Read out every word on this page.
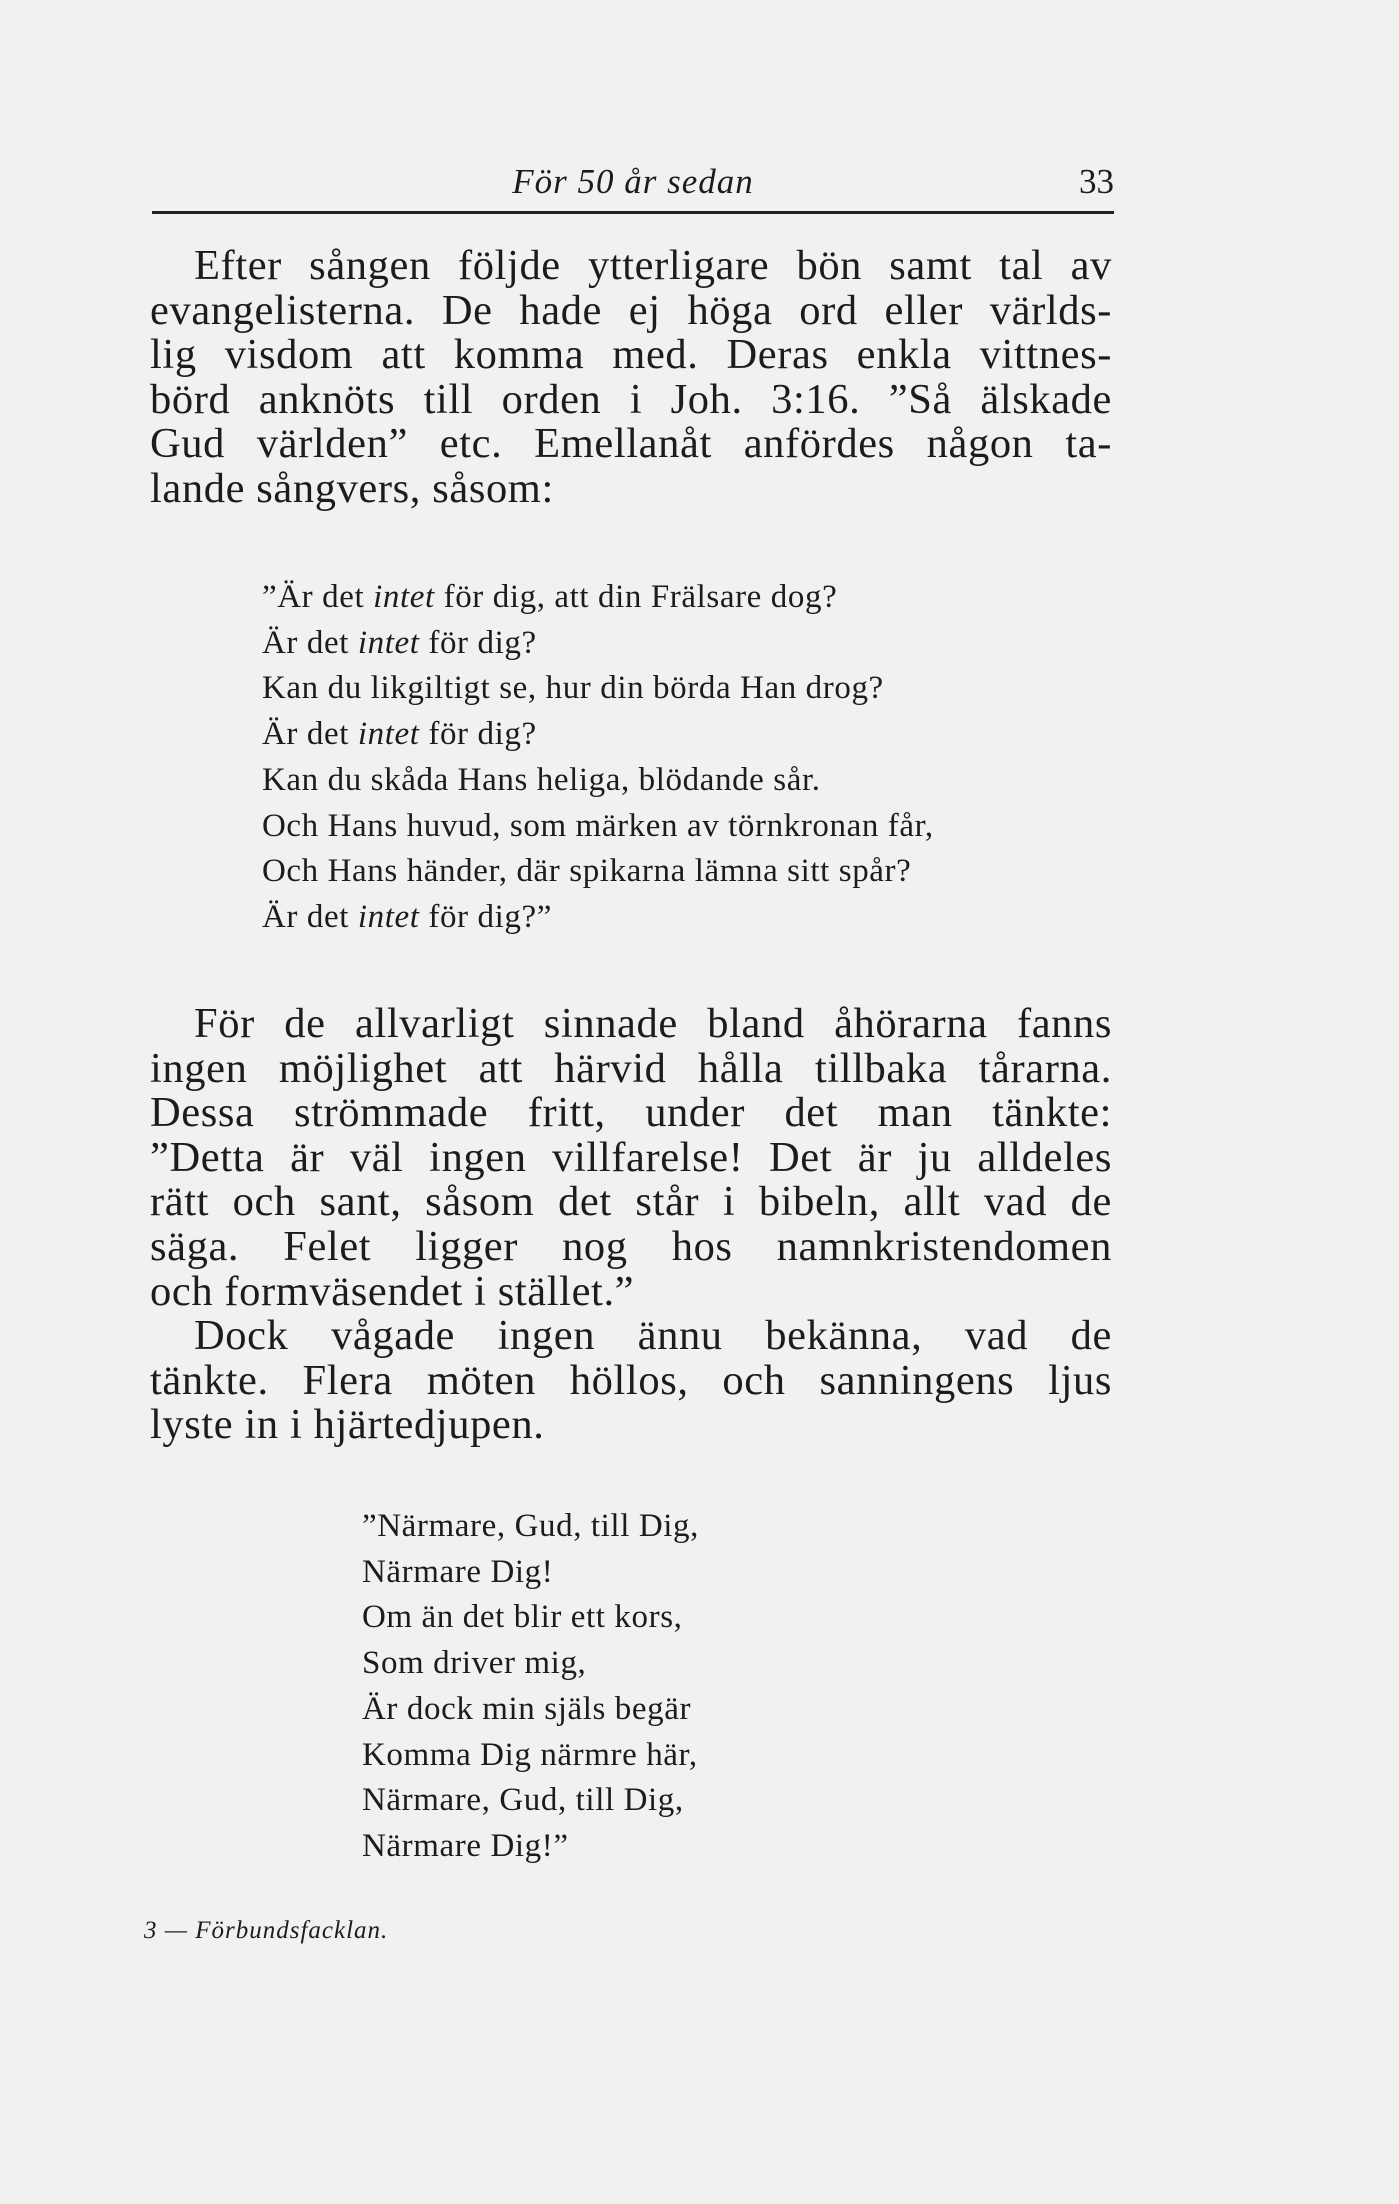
För 50 år sedan	33

Efter sången följde ytterligare bön samt tal av
evangelisterna. De hade ej höga ord eller världs-
lig visdom att komma med. Deras enkla vittnes-
börd anknöts till orden i Joh. 3:16. ”Så älskade
Gud världen” etc. Emellanåt anfördes någon ta-
lande sångvers, såsom:

”Är det intet för dig, att din Frälsare dog?
Är det intet för dig?
Kan du likgiltigt se, hur din börda Han drog?
Är det intet för dig?
Kan du skåda Hans heliga, blödande sår.
Och Hans huvud, som märken av törnkronan får,
Och Hans händer, där spikarna lämna sitt spår?
Är det intet för dig?”

För de allvarligt sinnade bland åhörarna fanns
ingen möjlighet att härvid hålla tillbaka tårarna.
Dessa strömmade fritt, under det man tänkte:
”Detta är väl ingen villfarelse! Det är ju alldeles
rätt och sant, såsom det står i bibeln, allt vad de
säga. Felet ligger nog hos namnkristendomen
och formväsendet i stället.”

Dock vågade ingen ännu bekänna, vad de
tänkte. Flera möten höllos, och sanningens ljus
lyste in i hjärtedjupen.

”Närmare, Gud, till Dig,
Närmare Dig!
Om än det blir ett kors,
Som driver mig,
Är dock min själs begär
Komma Dig närmre här,
Närmare, Gud, till Dig,
Närmare Dig!”
3 — Förbundsfacklan.
